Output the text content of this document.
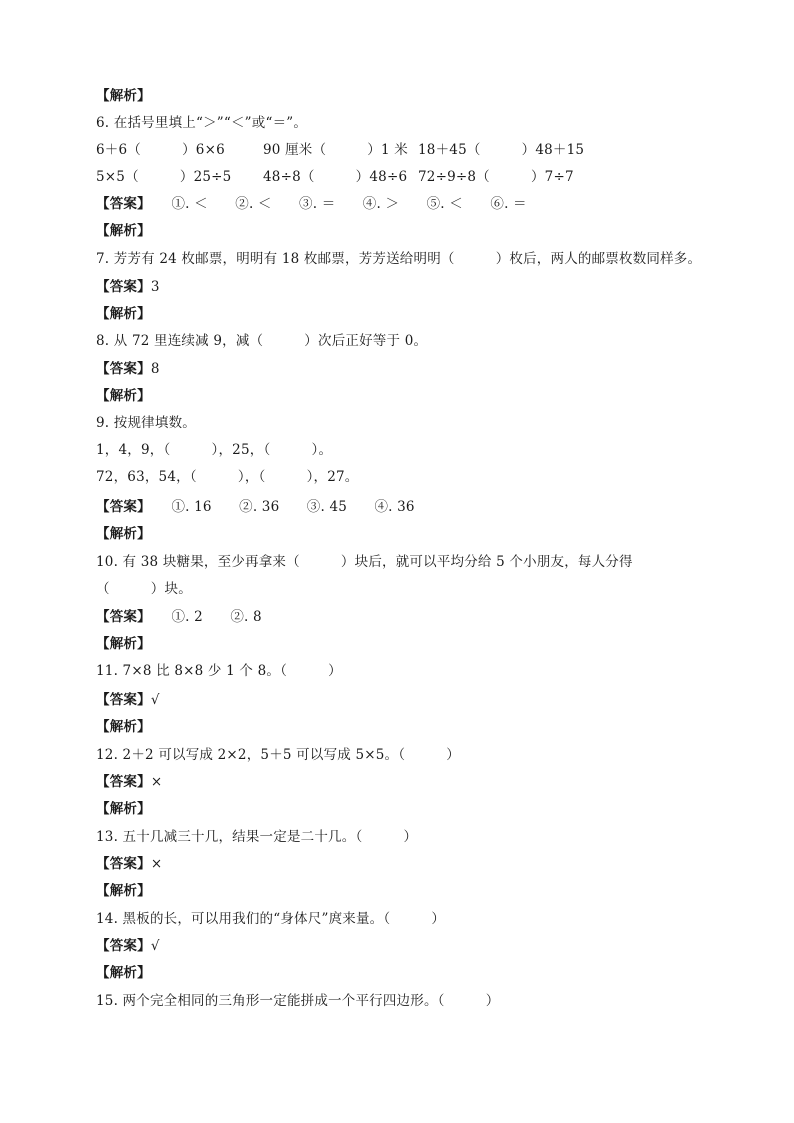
【解析】
6. 在括号里填上“＞”“＜”或“＝”。
6＋6（　　　）6×6	90 厘米（　　　）1 米 18＋45（　　　）48＋15
5×5（　　　）25÷5 48÷8（　　　）48÷6 72÷9÷8（　　　）7÷7
【答案】　　①. ＜　　②. ＜　　③. ＝　　④. ＞　　⑤. ＜　　⑥. ＝
【解析】
7. 芳芳有 24 枚邮票，明明有 18 枚邮票，芳芳送给明明（　　　）枚后，两人的邮票枚数同样多。
【答案】3
【解析】
8. 从 72 里连续减 9，减（　　　）次后正好等于 0。
【答案】8
【解析】
9. 按规律填数。
1，4，9，（　　　），25，（　　　）。
72，63，54，（　　　），（　　　），27。
【答案】　　①. 16　　②. 36　　③. 45　　④. 36
【解析】
10. 有 38 块糖果，至少再拿来（　　　）块后，就可以平均分给 5 个小朋友，每人分得
（　　　）块。
【答案】　　①. 2　　②. 8
【解析】
11. 7×8 比 8×8 少 1 个 8。（　　　）
【答案】√
【解析】
12. 2＋2 可以写成 2×2，5＋5 可以写成 5×5。（　　　）
【答案】×
【解析】
13. 五十几减三十几，结果一定是二十几。（　　　）
【答案】×
【解析】
14. 黑板的长，可以用我们的“身体尺”庹来量。（　　　）
【答案】√
【解析】
15. 两个完全相同的三角形一定能拼成一个平行四边形。（　　　）
